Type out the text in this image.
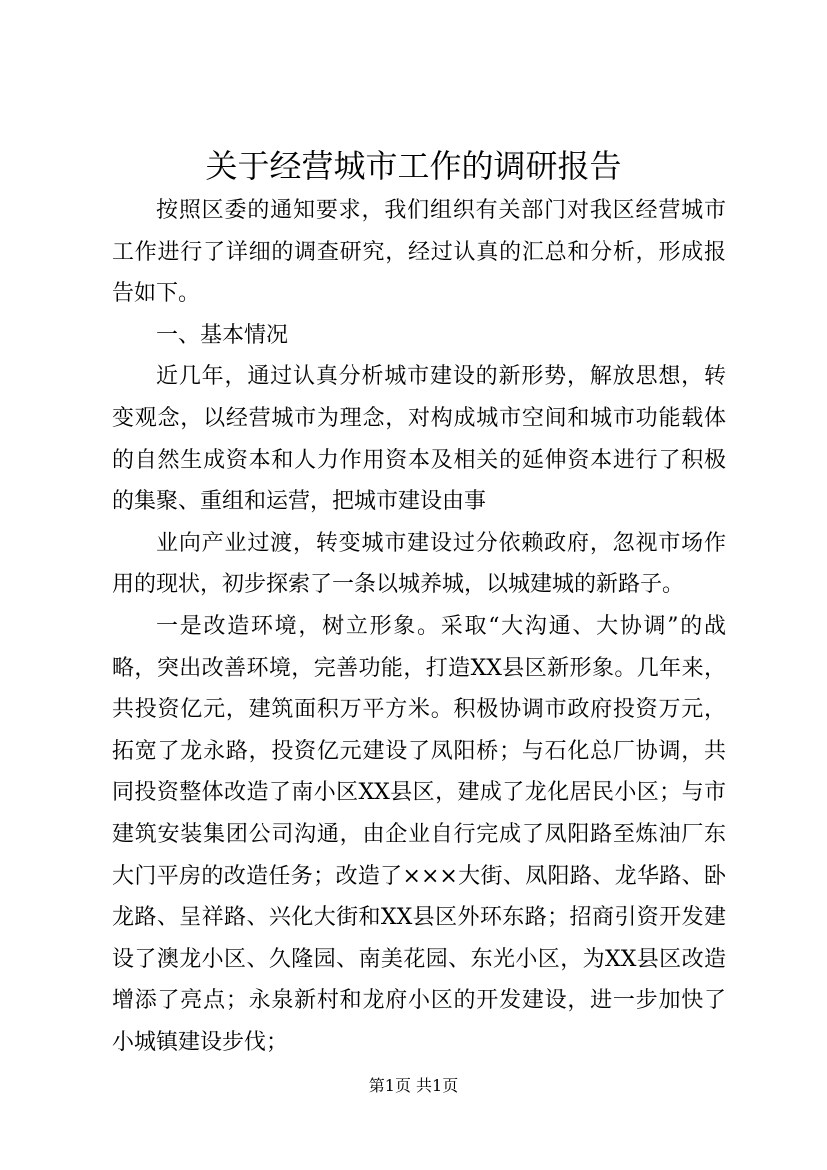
关于经营城市工作的调研报告

按照区委的通知要求，我们组织有关部门对我区经营城市工作进行了详细的调查研究，经过认真的汇总和分析，形成报告如下。

一、基本情况

近几年，通过认真分析城市建设的新形势，解放思想，转变观念，以经营城市为理念，对构成城市空间和城市功能载体的自然生成资本和人力作用资本及相关的延伸资本进行了积极的集聚、重组和运营，把城市建设由事

业向产业过渡，转变城市建设过分依赖政府，忽视市场作用的现状，初步探索了一条以城养城，以城建城的新路子。

一是改造环境，树立形象。采取“大沟通、大协调”的战略，突出改善环境，完善功能，打造XX县区新形象。几年来，共投资亿元，建筑面积万平方米。积极协调市政府投资万元，拓宽了龙永路，投资亿元建设了凤阳桥；与石化总厂协调，共同投资整体改造了南小区XX县区，建成了龙化居民小区；与市建筑安装集团公司沟通，由企业自行完成了凤阳路至炼油厂东大门平房的改造任务；改造了×××大街、凤阳路、龙华路、卧龙路、呈祥路、兴化大街和XX县区外环东路；招商引资开发建设了澳龙小区、久隆园、南美花园、东光小区，为XX县区改造增添了亮点；永泉新村和龙府小区的开发建设，进一步加快了小城镇建设步伐；

第1页 共1页
